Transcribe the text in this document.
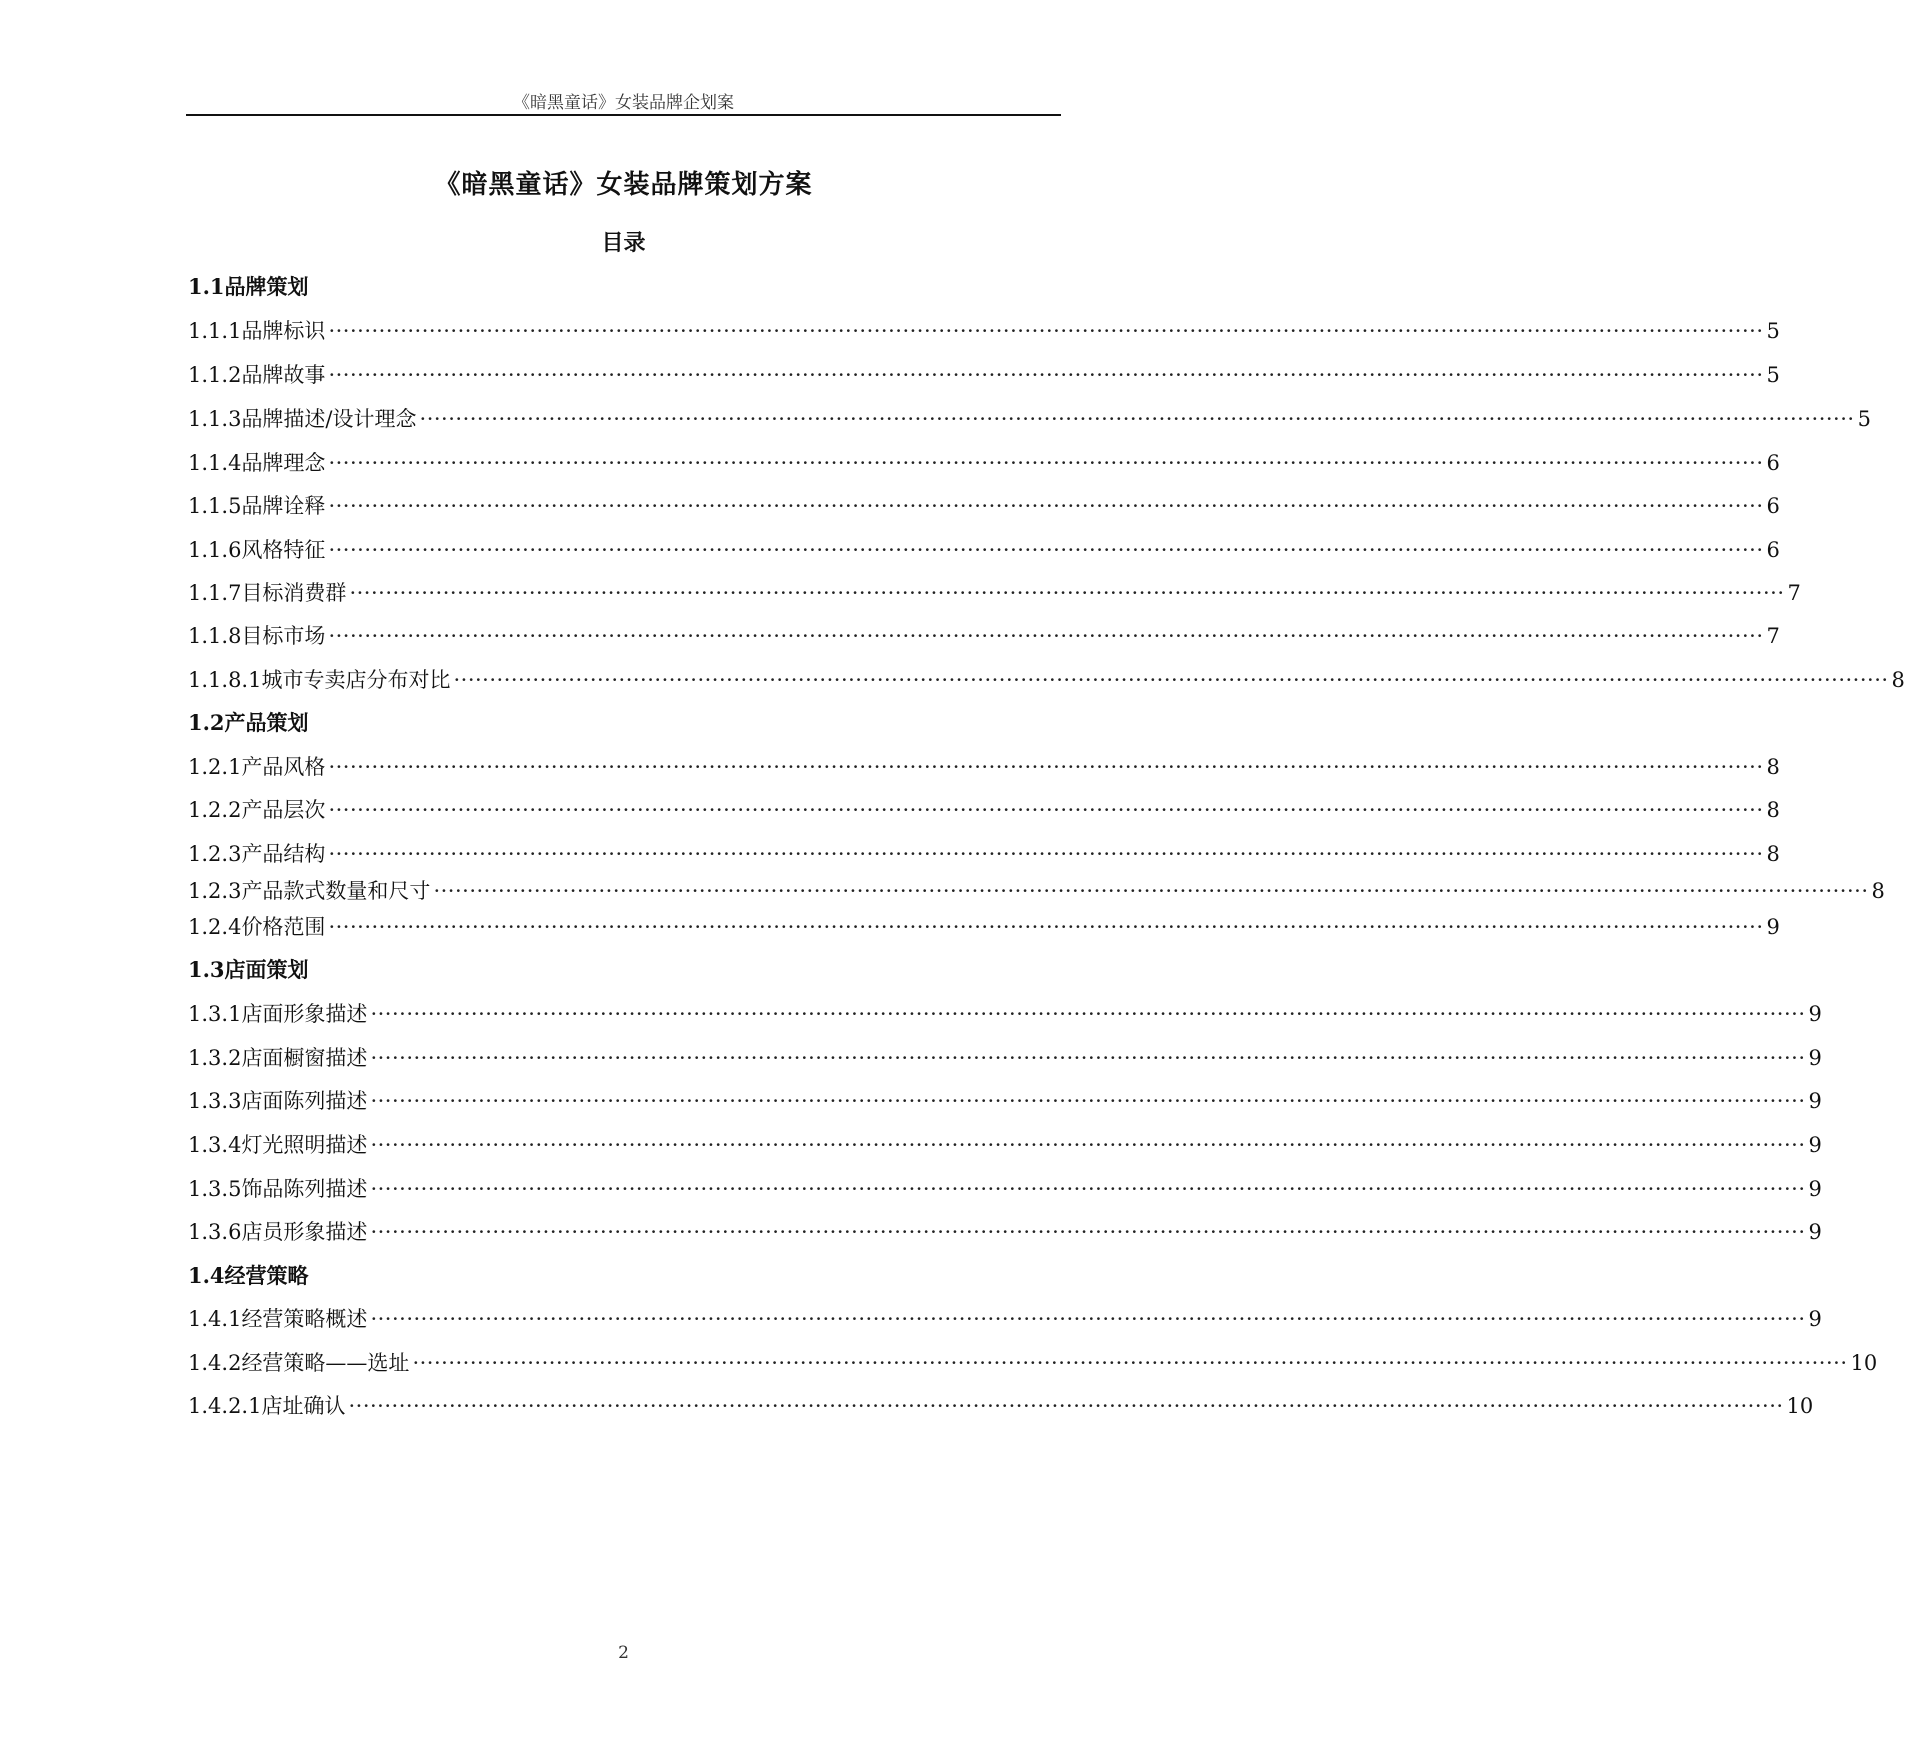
《暗黑童话》女装品牌企划案
《暗黑童话》女装品牌策划方案
目录
1.1品牌策划
1.1.1 品牌标识 ········································································································································································································ 5
1.1.2 品牌故事 ········································································································································································································ 5
1.1.3 品牌描述/设计理念 ········································································································································································································ 5
1.1.4 品牌理念 ········································································································································································································ 6
1.1.5 品牌诠释 ········································································································································································································ 6
1.1.6 风格特征 ········································································································································································································ 6
1.1.7 目标消费群 ········································································································································································································ 7
1.1.8 目标市场 ········································································································································································································ 7
1.1.8.1 城市专卖店分布对比 ········································································································································································································ 8
1.2产品策划
1.2.1 产品风格 ········································································································································································································ 8
1.2.2 产品层次 ········································································································································································································ 8
1.2.3 产品结构 ········································································································································································································ 8
1.2.3 产品款式数量和尺寸 ········································································································································································································ 8
1.2.4 价格范围 ········································································································································································································ 9
1.3店面策划
1.3.1 店面形象描述 ········································································································································································································ 9
1.3.2 店面橱窗描述 ········································································································································································································ 9
1.3.3 店面陈列描述 ········································································································································································································ 9
1.3.4 灯光照明描述 ········································································································································································································ 9
1.3.5 饰品陈列描述 ········································································································································································································ 9
1.3.6 店员形象描述 ········································································································································································································ 9
1.4经营策略
1.4.1 经营策略概述 ········································································································································································································ 9
1.4.2 经营策略——选址 ········································································································································································································ 10
1.4.2.1 店址确认 ········································································································································································································ 10
2
